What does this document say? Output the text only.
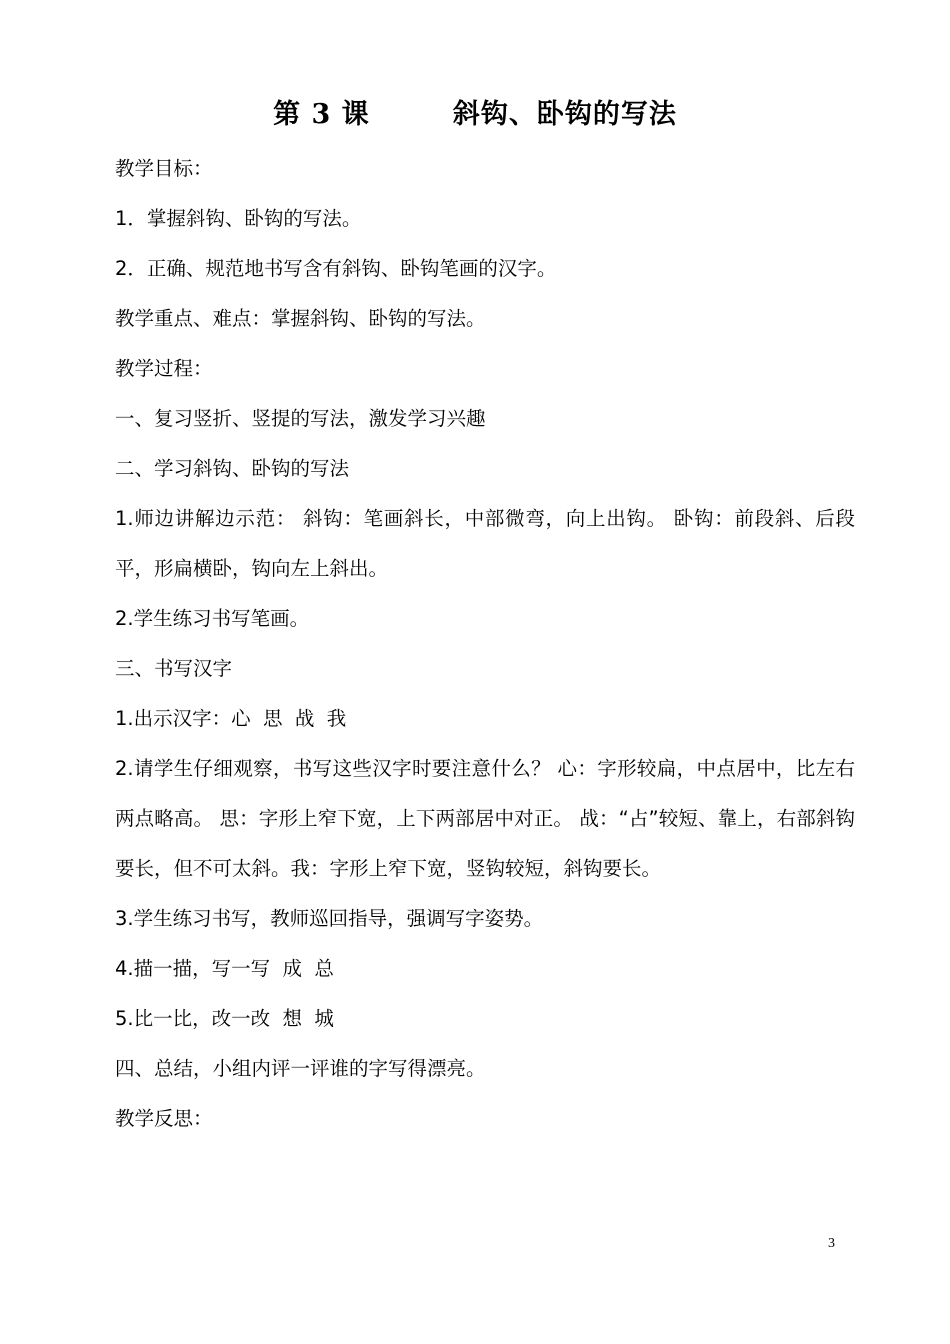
第 3 课        斜钩、卧钩的写法
教学目标：
1．掌握斜钩、卧钩的写法。
2．正确、规范地书写含有斜钩、卧钩笔画的汉字。
教学重点、难点：掌握斜钩、卧钩的写法。
教学过程：
一、复习竖折、竖提的写法，激发学习兴趣
二、学习斜钩、卧钩的写法
1.师边讲解边示范： 斜钩：笔画斜长，中部微弯，向上出钩。 卧钩：前段斜、后段平，形扁横卧，钩向左上斜出。
2.学生练习书写笔画。
三、书写汉字
1.出示汉字：心  思  战  我
2.请学生仔细观察，书写这些汉字时要注意什么？ 心：字形较扁，中点居中，比左右两点略高。 思：字形上窄下宽，上下两部居中对正。 战：“占”较短、靠上，右部斜钩要长，但不可太斜。我：字形上窄下宽，竖钩较短，斜钩要长。
3.学生练习书写，教师巡回指导，强调写字姿势。
4.描一描，写一写  成  总
5.比一比，改一改  想  城
四、总结，小组内评一评谁的字写得漂亮。
教学反思：
3
